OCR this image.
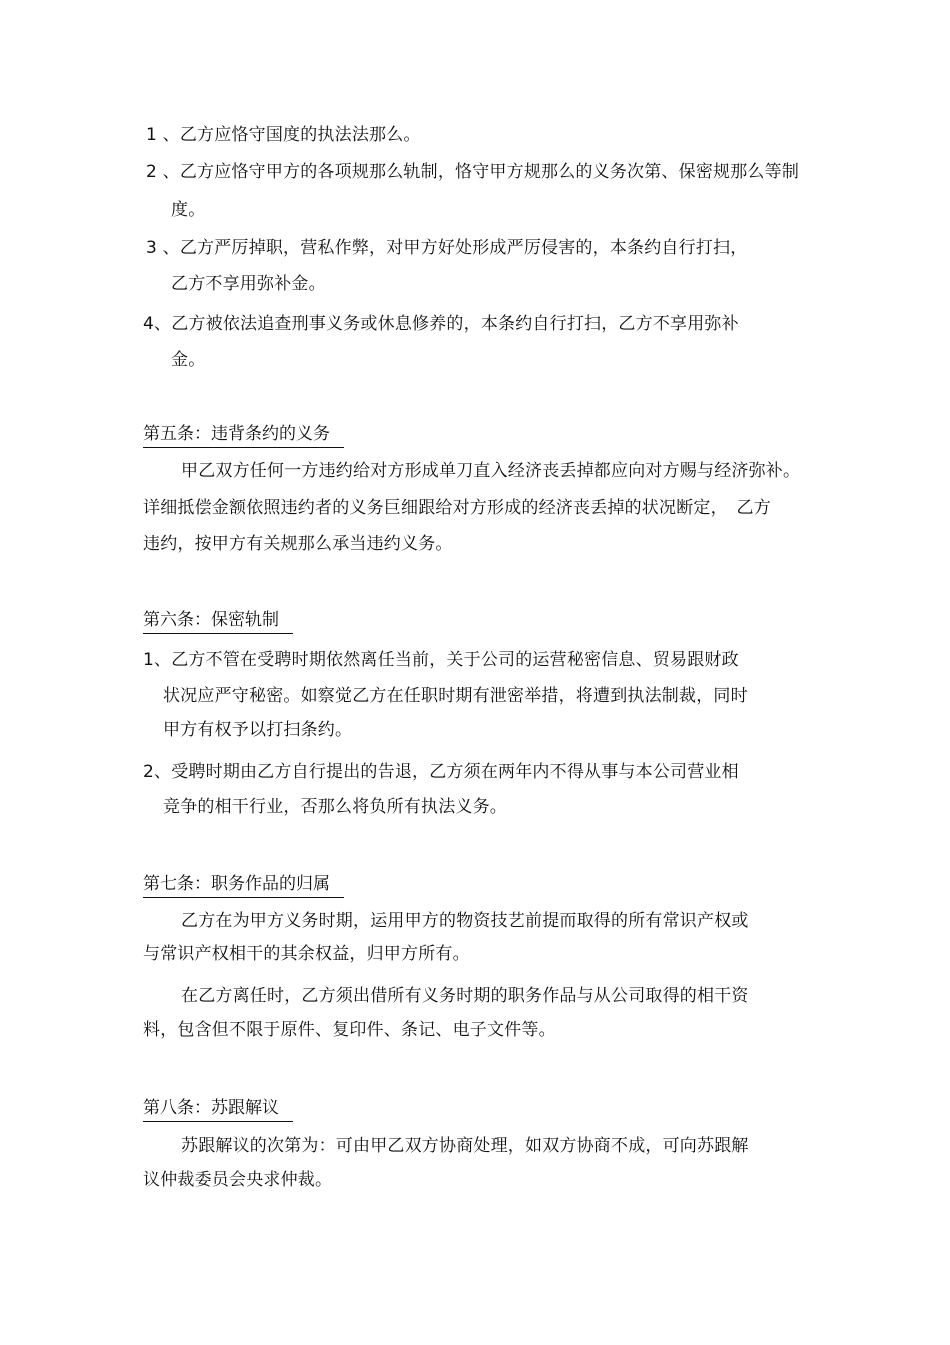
1 、乙方应恪守国度的执法法那么。
2 、乙方应恪守甲方的各项规那么轨制，恪守甲方规那么的义务次第、保密规那么等制
度。
3 、乙方严厉掉职，营私作弊，对甲方好处形成严厉侵害的，本条约自行打扫，
乙方不享用弥补金。
4、乙方被依法追查刑事义务或休息修养的，本条约自行打扫，乙方不享用弥补
金。
第五条：违背条约的义务
甲乙双方任何一方违约给对方形成单刀直入经济丧丢掉都应向对方赐与经济弥补。
详细抵偿金额依照违约者的义务巨细跟给对方形成的经济丧丢掉的状况断定，　乙方
违约，按甲方有关规那么承当违约义务。
第六条：保密轨制
1、乙方不管在受聘时期依然离任当前，关于公司的运营秘密信息、贸易跟财政
状况应严守秘密。如察觉乙方在任职时期有泄密举措，将遭到执法制裁，同时
甲方有权予以打扫条约。
2、受聘时期由乙方自行提出的告退，乙方须在两年内不得从事与本公司营业相
竞争的相干行业，否那么将负所有执法义务。
第七条：职务作品的归属
乙方在为甲方义务时期，运用甲方的物资技艺前提而取得的所有常识产权或
与常识产权相干的其余权益，归甲方所有。
在乙方离任时，乙方须出借所有义务时期的职务作品与从公司取得的相干资
料，包含但不限于原件、复印件、条记、电子文件等。
第八条：苏跟解议
苏跟解议的次第为：可由甲乙双方协商处理，如双方协商不成，可向苏跟解
议仲裁委员会央求仲裁。
